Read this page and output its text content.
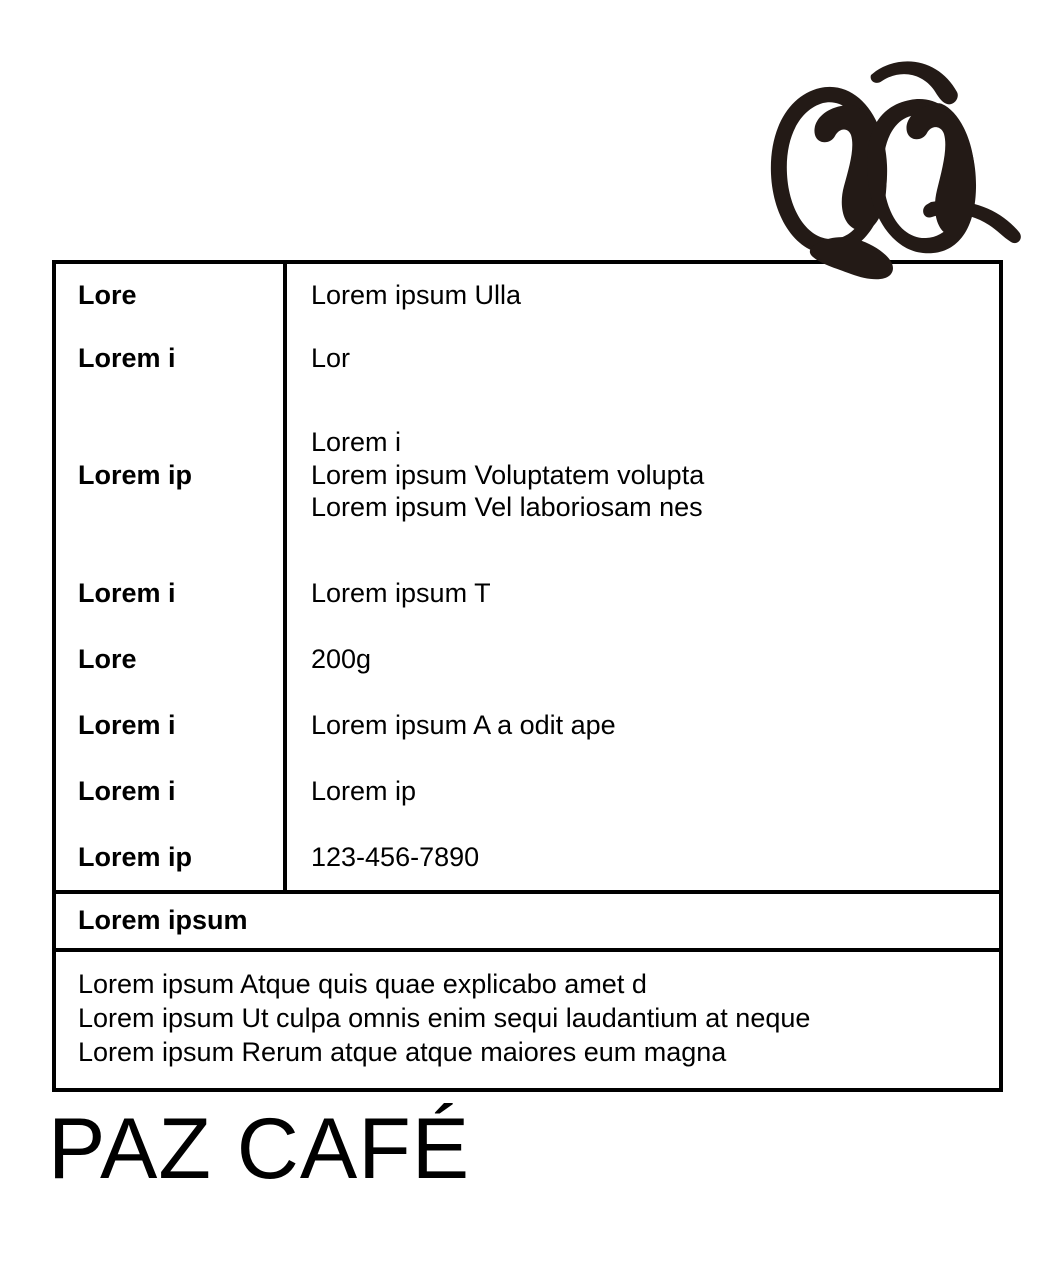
Lore	Lorem ipsum Ulla

Lorem i	Lor

Lorem ip	Lorem i
Lorem ipsum Voluptatem volupta
Lorem ipsum Vel laboriosam nes

Lorem i	Lorem ipsum T

Lore	200g

Lorem i	Lorem ipsum A a odit ape

Lorem i	Lorem ip

Lorem ip	123-456-7890
Lorem ipsum
Lorem ipsum Atque quis quae explicabo amet d
Lorem ipsum Ut culpa omnis enim sequi laudantium at neque
Lorem ipsum Rerum atque atque maiores eum magna
PAZ CAFÉ
